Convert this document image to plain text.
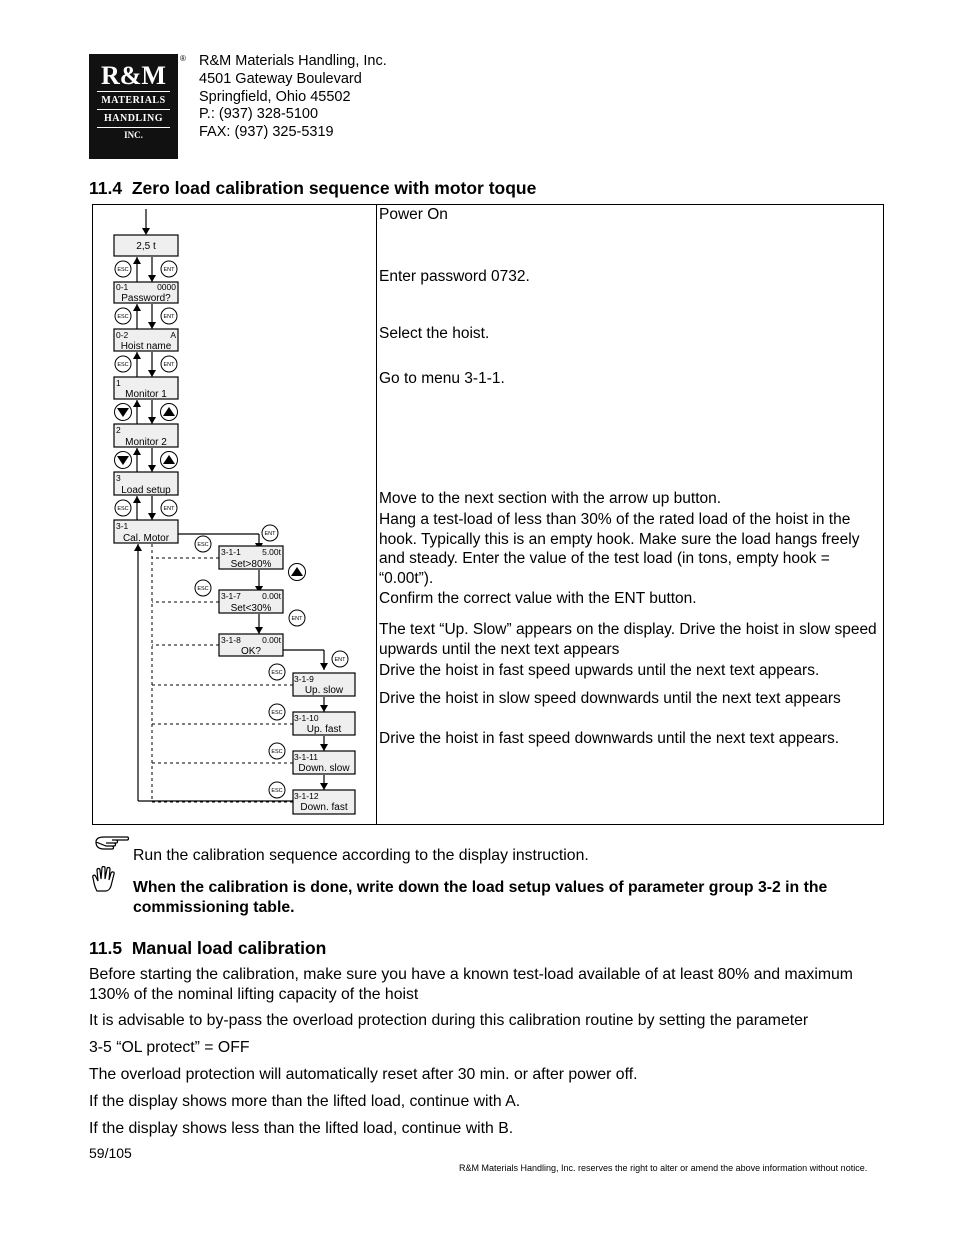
R&M
MATERIALS
HANDLING
INC.
® R&M Materials Handling, Inc.
4501 Gateway Boulevard
Springfield, Ohio 45502
P.: (937) 328-5100
FAX: (937) 325-5319
11.4 Zero load calibration sequence with motor toque
2,5 t
ESC	ENT
0-1	0000
Password?
ESC	ENT
0-2	A
Hoist name
ESC	ENT
1
Monitor 1
2
Monitor 2
3
Load setup
ESC	ENT
3-1
Cal. Motor
ESC
ENT
3-1-1	5.00t
Set>80%
ESC
3-1-7	0.00t
Set<30%
ENT
3-1-8	0.00t
OK?
ENT
ESC
3-1-9
Up. slow
ESC 3-1-10
Up. fast
ESC 3-1-11
Down. slow
ESC 3-1-12
Down. fast
Power On
Enter password 0732.
Select the hoist.
Go to menu 3-1-1.
Move to the next section with the arrow up button.
Hang a test-load of less than 30% of the rated load of the hoist in the hook. Typically this is an empty hook. Make sure the load hangs freely and steady. Enter the value of the test load (in tons, empty hook = “0.00t”).
Confirm the correct value with the ENT button.
The text “Up. Slow” appears on the display. Drive the hoist in slow speed upwards until the next text appears
Drive the hoist in fast speed upwards until the next text appears.
Drive the hoist in slow speed downwards until the next text appears
Drive the hoist in fast speed downwards until the next text appears.
Run the calibration sequence according to the display instruction.
When the calibration is done, write down the load setup values of parameter group 3-2 in the commissioning table.
11.5 Manual load calibration
Before starting the calibration, make sure you have a known test-load available of at least 80% and maximum 130% of the nominal lifting capacity of the hoist
It is advisable to by-pass the overload protection during this calibration routine by setting the parameter
3-5 “OL protect” = OFF
The overload protection will automatically reset after 30 min. or after power off.
If the display shows more than the lifted load, continue with A.
If the display shows less than the lifted load, continue with B.
59/105
R&M Materials Handling, Inc. reserves the right to alter or amend the above information without notice.
